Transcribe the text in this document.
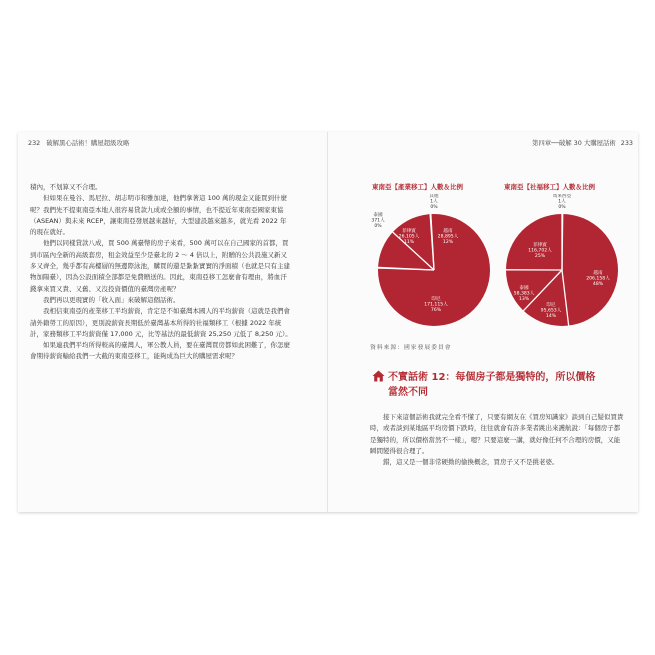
232 破解黑心話術！購屋超級攻略	第四章──破解 30 大購屋話術 233

積內，不划算又不合理。

但如果在曼谷、馬尼拉、胡志明市和雅加達，他們拿著這 100 萬的現金又能買到什麼呢？我們先不提東南亞本地人很容易貸款九成或全額的事情，也不提近年東南亞國家東協（ASEAN）與未來 RCEP，讓東南亞發展越來越好，大型建設越來越多，就光看 2022 年的現在就好。

他們以同樣貸款八成，買 500 萬臺幣的房子來看，500 萬可以在自己國家的首都，買到市區內全新的高級套房，租金效益至少是臺北的 2 ～ 4 倍以上，附贈的公共設施又新又多又齊全，幾乎都有高樓層的無邊際泳池，購買的還是紮紮實實的淨面積（也就是只有主建物加陽臺），因為公設面積全部都是免費贈送的。因此，東南亞移工怎麼會有理由，將血汗錢拿來買又貴、又舊、又沒投資價值的臺灣房產呢？

我們再以更現實的「收入面」來破解這個話術。

我相信東南亞的產業移工平均薪資，肯定是不如臺灣本國人的平均薪資（這就是我們會請外籍勞工的原因），更別說薪資長期低於臺灣基本所得的社福類移工（根據 2022 年統計，家務類移工平均薪資僅 17,000 元，比等基法的最低薪資 25,250 元低了 8,250 元）。

如果連我們平均所得較高的臺灣人，軍公教人員，要在臺灣買房都如此困難了，你怎麼會期待薪資輸給我們一大截的東南亞移工，能夠成為巨大的購屋需求呢？

東南亞【產業移工】人數＆比例	東南亞【社福移工】人數＆比例
泰國 371人 0%
菲律賓 26,105人 11%
越南 28,895人 12%
其他 1人 0%
印尼 171,115人 76%
馬來西亞 1人 0%
越南 206,158人 48%
印尼 95,653人 14%
泰國 58,383人 13%
菲律賓 116,702人 25%
資料來源：國家發展委員會
不實話術 12：每個房子都是獨特的，所以價格
當然不同

接下來這個話術我就完全看不懂了，只要有網友在《買房知識家》談到自己疑似買貴時，或者談到某地區平均房價下跌時，往往就會有許多業者跳出來護航說：「每個房子都是獨特的，所以價格當然不一樣」，嗯？只要這麼一講，就好像任何不合理的房價，又能瞬間變得很合理了。

錯，這又是一個非常硬拗的偷換概念，買房子又不是挑老婆。
